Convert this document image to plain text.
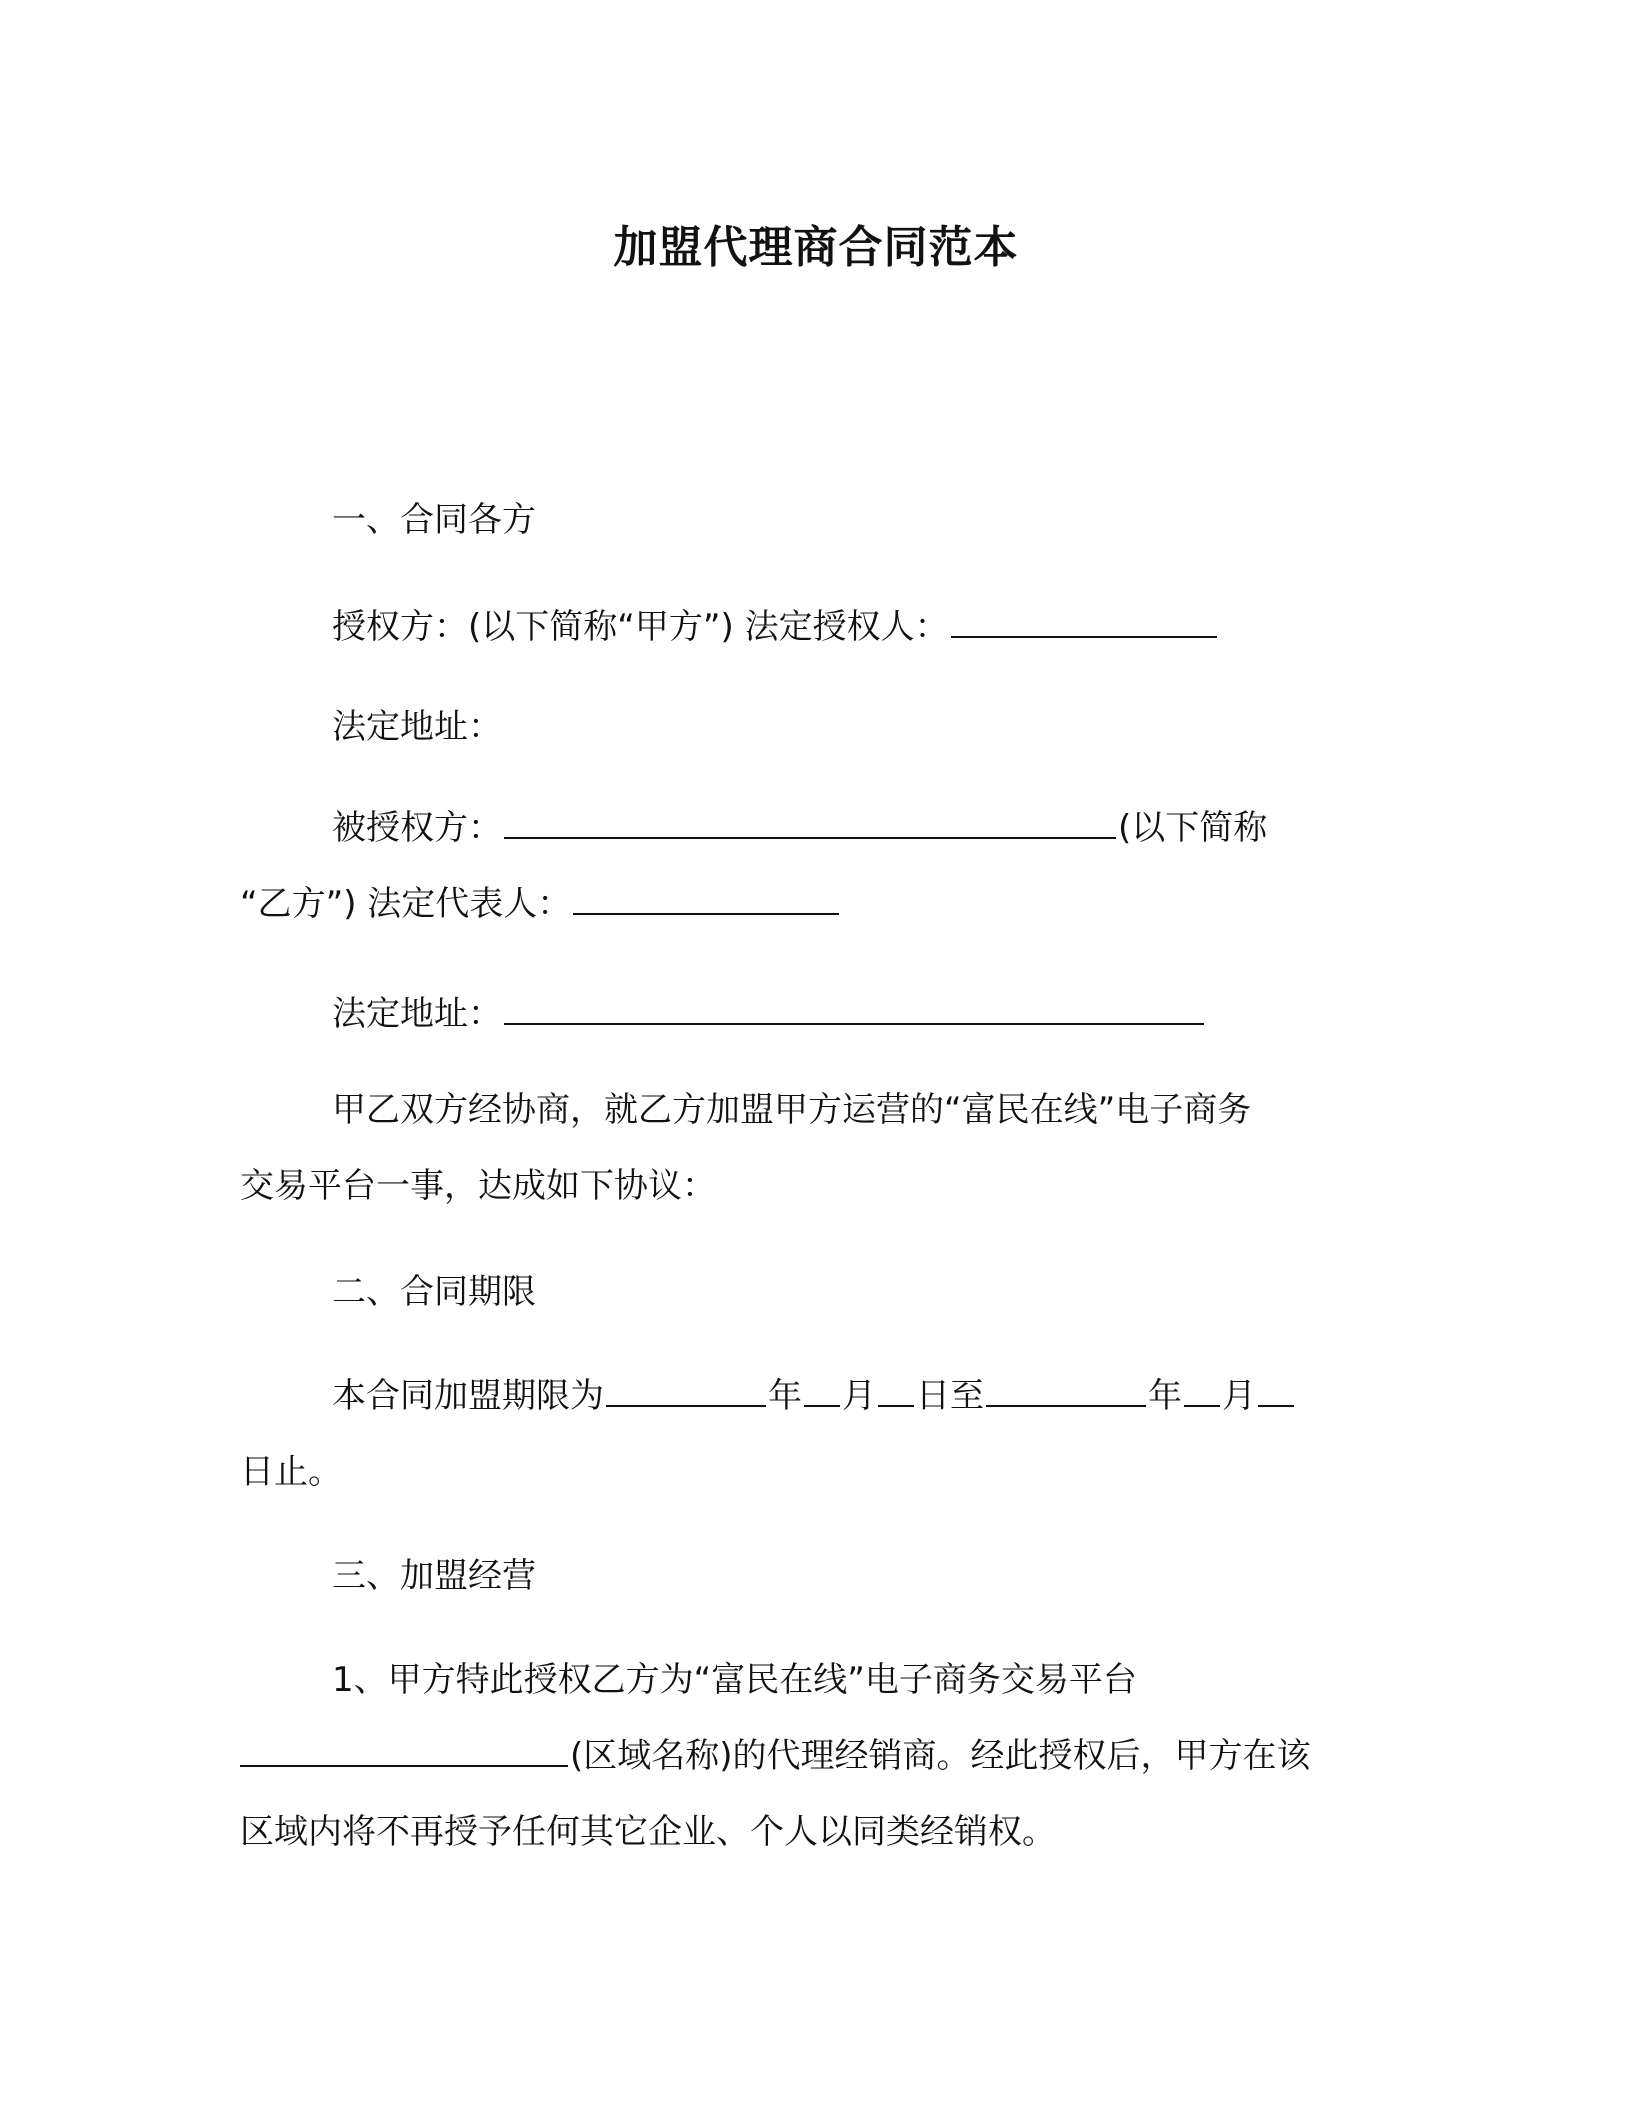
加盟代理商合同范本
一、合同各方
授权方：(以下简称“甲方”) 法定授权人：
法定地址：
被授权方：	(以下简称
“乙方”) 法定代表人：
法定地址：
甲乙双方经协商，就乙方加盟甲方运营的“富民在线”电子商务
交易平台一事，达成如下协议：
二、合同期限
本合同加盟期限为	年 月 日至	年 月
日止。
三、加盟经营
1、甲方特此授权乙方为“富民在线”电子商务交易平台
(区域名称)的代理经销商。经此授权后，甲方在该
区域内将不再授予任何其它企业、个人以同类经销权。
